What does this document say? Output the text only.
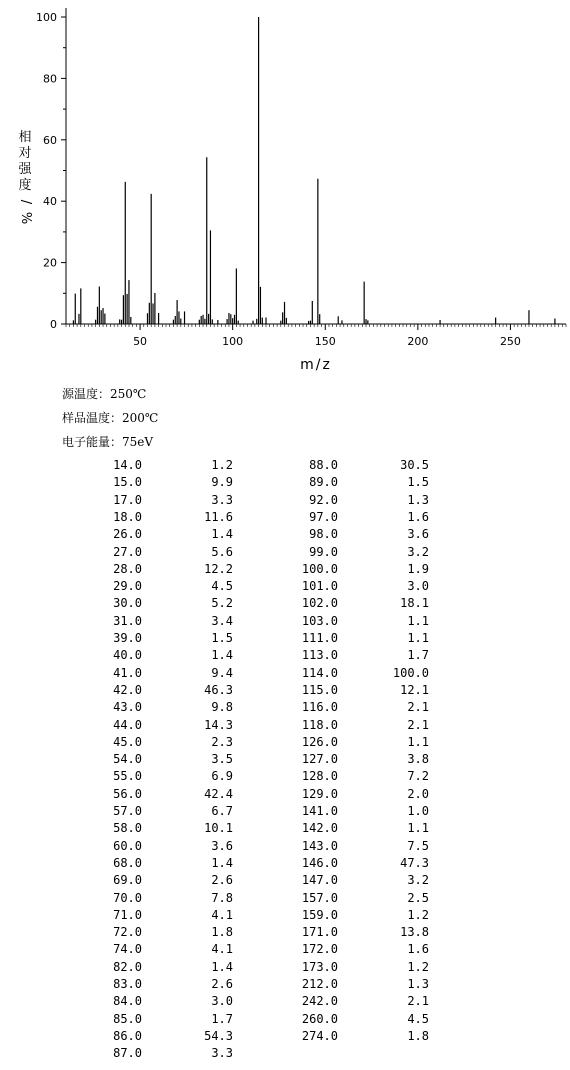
0
20
40
60
80
100
50	100	150	200	250
m/z
相
对
强
度
/
%
源温度：250℃
样品温度：200℃
电子能量：75eV
14.0	1.2	88.0	30.5
15.0	9.9	89.0	1.5
17.0	3.3	92.0	1.3
18.0	11.6	97.0	1.6
26.0	1.4	98.0	3.6
27.0	5.6	99.0	3.2
28.0	12.2	100.0	1.9
29.0	4.5	101.0	3.0
30.0	5.2	102.0	18.1
31.0	3.4	103.0	1.1
39.0	1.5	111.0	1.1
40.0	1.4	113.0	1.7
41.0	9.4	114.0	100.0
42.0	46.3	115.0	12.1
43.0	9.8	116.0	2.1
44.0	14.3	118.0	2.1
45.0	2.3	126.0	1.1
54.0	3.5	127.0	3.8
55.0	6.9	128.0	7.2
56.0	42.4	129.0	2.0
57.0	6.7	141.0	1.0
58.0	10.1	142.0	1.1
60.0	3.6	143.0	7.5
68.0	1.4	146.0	47.3
69.0	2.6	147.0	3.2
70.0	7.8	157.0	2.5
71.0	4.1	159.0	1.2
72.0	1.8	171.0	13.8
74.0	4.1	172.0	1.6
82.0	1.4	173.0	1.2
83.0	2.6	212.0	1.3
84.0	3.0	242.0	2.1
85.0	1.7	260.0	4.5
86.0	54.3	274.0	1.8
87.0	3.3
